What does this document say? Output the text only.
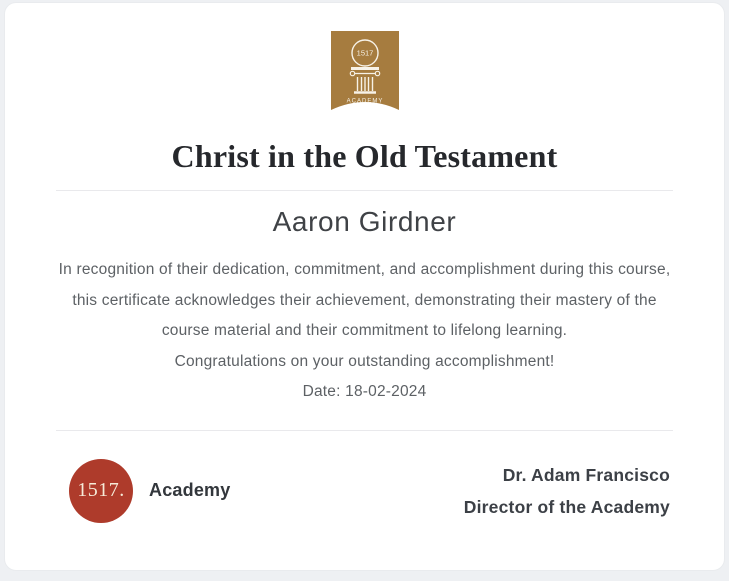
1517
ACADEMY
Christ in the Old Testament
Aaron Girdner

In recognition of their dedication, commitment, and accomplishment during this course, this certificate acknowledges their achievement, demonstrating their mastery of the course material and their commitment to lifelong learning.

Congratulations on your outstanding accomplishment!

Date: 18-02-2024

1517. Academy
Dr. Adam Francisco
Director of the Academy
